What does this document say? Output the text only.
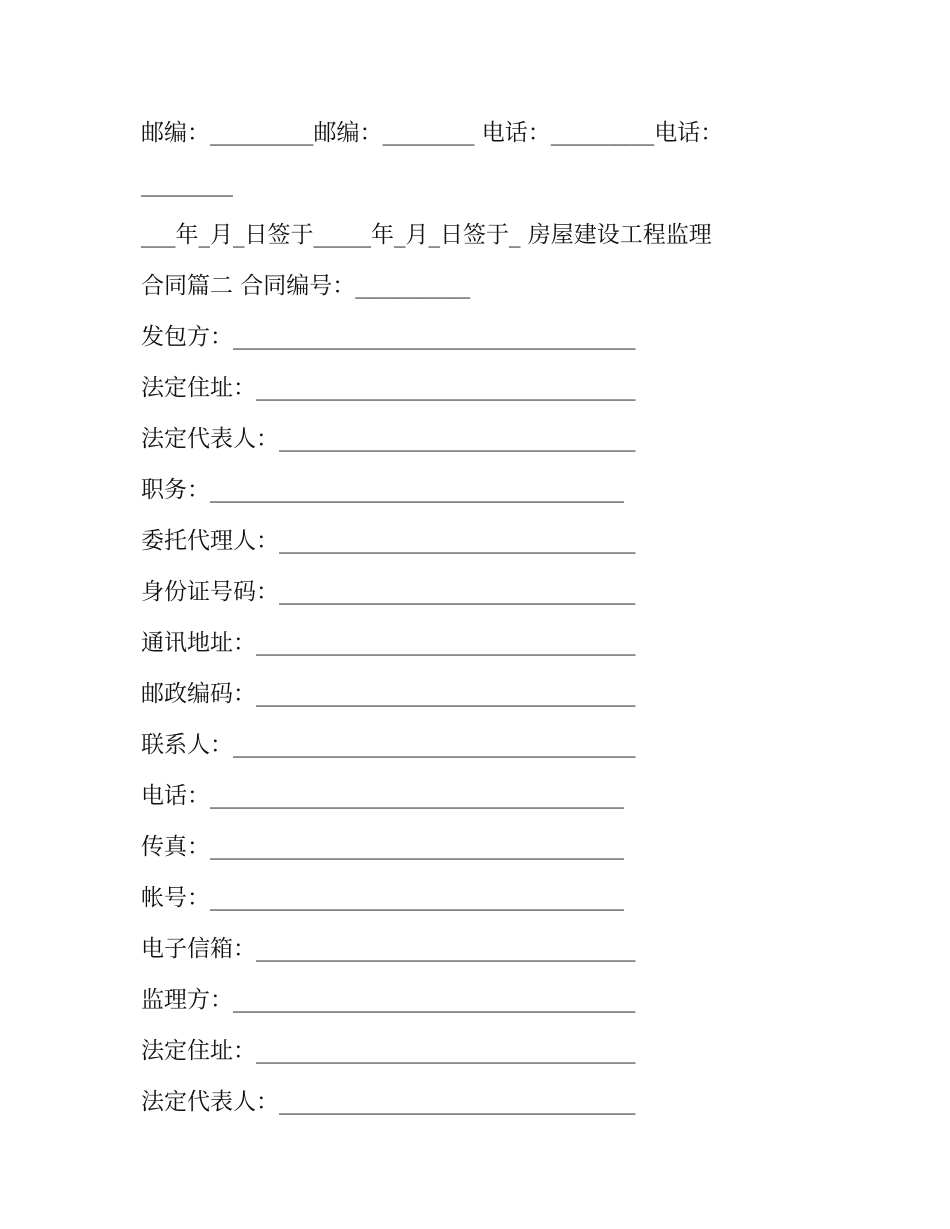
邮编：_________邮编：________ 电话：_________电话：
________
___年_月_日签于_____年_月_日签于_ 房屋建设工程监理
合同篇二 合同编号：__________
发包方：___________________________________
法定住址：_________________________________
法定代表人：_______________________________
职务：____________________________________
委托代理人：_______________________________
身份证号码：_______________________________
通讯地址：_________________________________
邮政编码：_________________________________
联系人：___________________________________
电话：____________________________________
传真：____________________________________
帐号：____________________________________
电子信箱：_________________________________
监理方：___________________________________
法定住址：_________________________________
法定代表人：_______________________________
